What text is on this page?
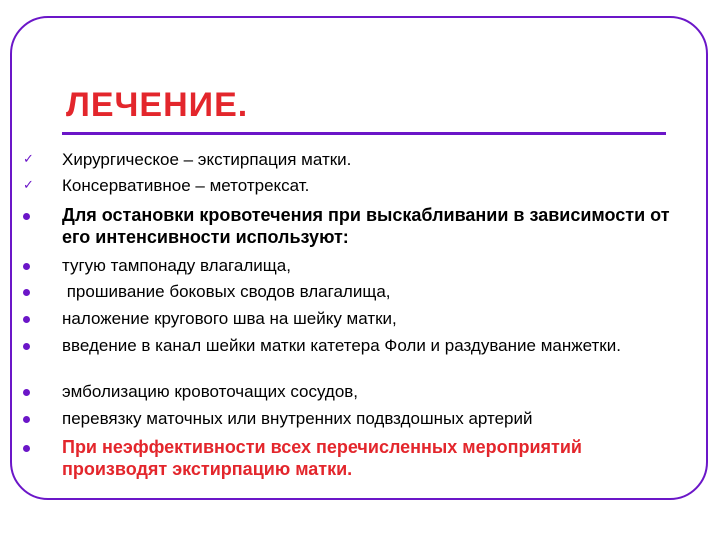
ЛЕЧЕНИЕ.
✓ Хирургическое – экстирпация матки.
✓ Консервативное – метотрексат.
Для остановки кровотечения при выскабливании в зависимости от его интенсивности используют:
тугую тампонаду влагалища,
прошивание боковых сводов влагалища,
наложение кругового шва на шейку матки,
введение в канал шейки матки катетера Фоли и раздувание манжетки.
эмболизацию кровоточащих сосудов,
перевязку маточных или внутренних подвздошных артерий
При неэффективности всех перечисленных мероприятий производят экстирпацию матки.
